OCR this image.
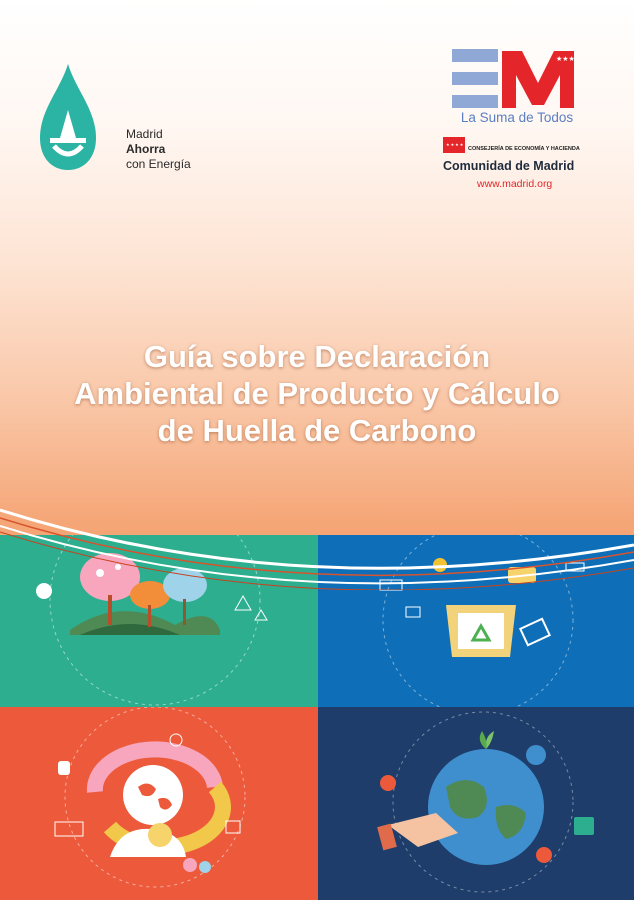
Madrid
Ahorra
con Energía
★★★
La Suma de Todos
★★★★
CONSEJERÍA DE ECONOMÍA Y HACIENDA
Comunidad de Madrid
www.madrid.org
Guía sobre Declaración
Ambiental de Producto y Cálculo
de Huella de Carbono
